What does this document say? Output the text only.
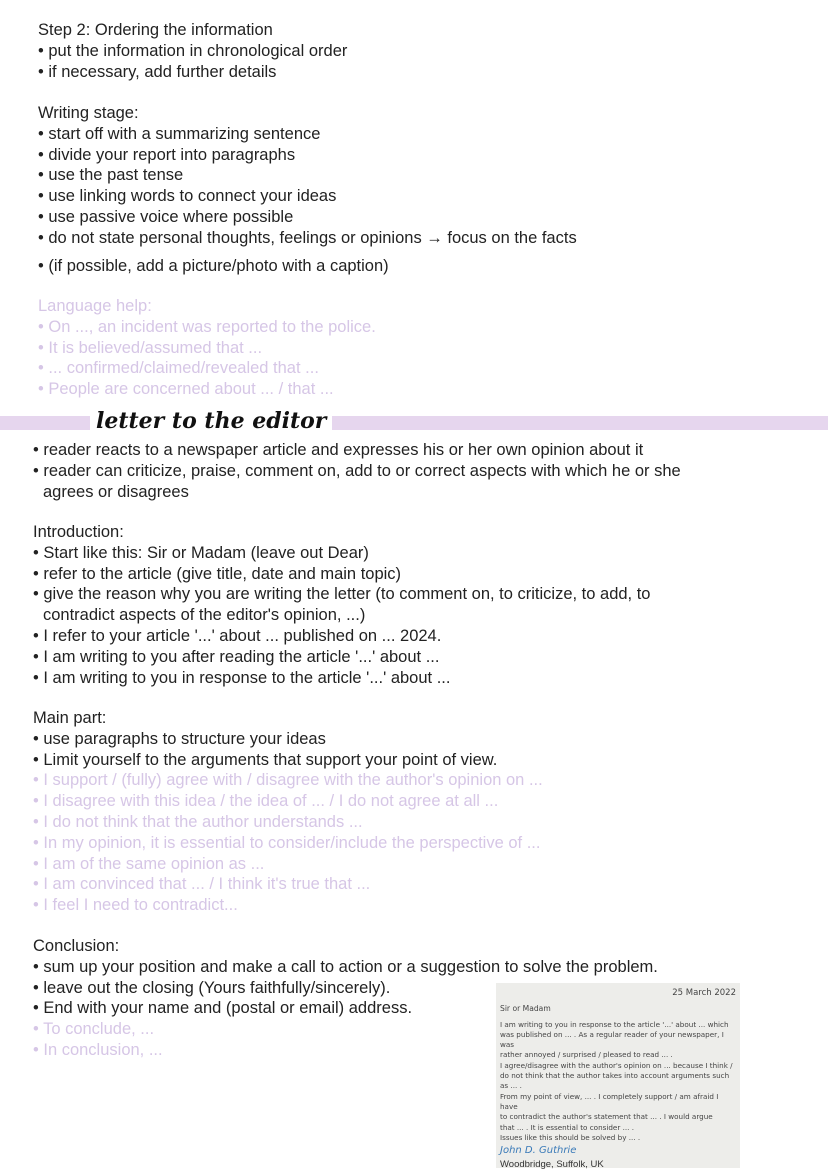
Step 2: Ordering the information
• put the information in chronological order
• if necessary, add further details
Writing stage:
• start off with a summarizing sentence
• divide your report into paragraphs
• use the past tense
• use linking words to connect your ideas
• use passive voice where possible
• do not state personal thoughts, feelings or opinions → focus on the facts
• (if possible, add a picture/photo with a caption)
Language help:
• On ..., an incident was reported to the police.
• It is believed/assumed that ...
• ... confirmed/claimed/revealed that ...
• People are concerned about ... / that ...
letter to the editor
• reader reacts to a newspaper article and expresses his or her own opinion about it
• reader can criticize, praise, comment on, add to or correct aspects with which he or she
agrees or disagrees
Introduction:
• Start like this: Sir or Madam (leave out Dear)
• refer to the article (give title, date and main topic)
• give the reason why you are writing the letter (to comment on, to criticize, to add, to
contradict aspects of the editor's opinion, ...)
• I refer to your article '...' about ... published on ... 2024.
• I am writing to you after reading the article '...' about ...
• I am writing to you in response to the article '...' about ...
Main part:
• use paragraphs to structure your ideas
• Limit yourself to the arguments that support your point of view.
• I support / (fully) agree with / disagree with the author's opinion on ...
• I disagree with this idea / the idea of ... / I do not agree at all ...
• I do not think that the author understands ...
• In my opinion, it is essential to consider/include the perspective of ...
• I am of the same opinion as ...
• I am convinced that ... / I think it's true that ...
• I feel I need to contradict...
Conclusion:
• sum up your position and make a call to action or a suggestion to solve the problem.
• leave out the closing (Yours faithfully/sincerely).
• End with your name and (postal or email) address.
• To conclude, ...
• In conclusion, ...
25 March 2022
Sir or Madam
I am writing to you in response to the article '...' about ... which
was published on ... . As a regular reader of your newspaper, I was
rather annoyed / surprised / pleased to read ... .
I agree/disagree with the author's opinion on ... because I think /
do not think that the author takes into account arguments such
as ... .
From my point of view, ... . I completely support / am afraid I have
to contradict the author's statement that ... . I would argue
that ... . It is essential to consider ... .
Issues like this should be solved by ... .
John D. Guthrie
Woodbridge, Suffolk, UK
